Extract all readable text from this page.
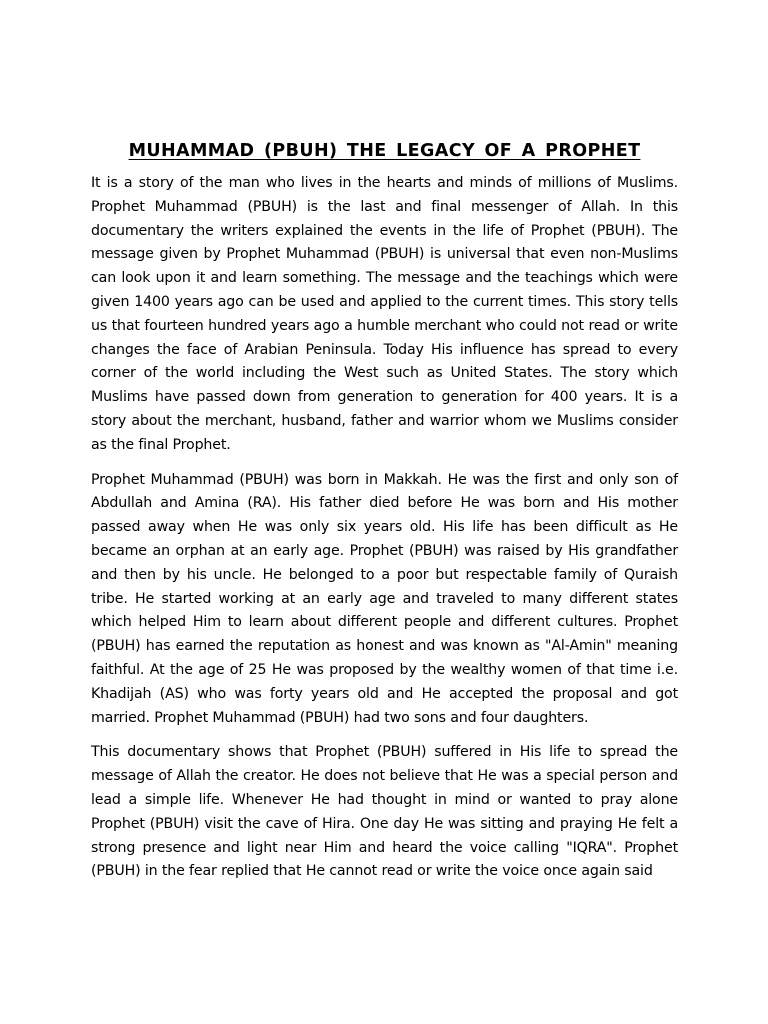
MUHAMMAD (PBUH) THE LEGACY OF A PROPHET

It is a story of the man who lives in the hearts and minds of millions of Muslims. Prophet Muhammad (PBUH) is the last and final messenger of Allah. In this documentary the writers explained the events in the life of Prophet (PBUH). The message given by Prophet Muhammad (PBUH) is universal that even non-Muslims can look upon it and learn something. The message and the teachings which were given 1400 years ago can be used and applied to the current times. This story tells us that fourteen hundred years ago a humble merchant who could not read or write changes the face of Arabian Peninsula. Today His influence has spread to every corner of the world including the West such as United States. The story which Muslims have passed down from generation to generation for 400 years. It is a story about the merchant, husband, father and warrior whom we Muslims consider as the final Prophet.

Prophet Muhammad (PBUH) was born in Makkah. He was the first and only son of Abdullah and Amina (RA). His father died before He was born and His mother passed away when He was only six years old. His life has been difficult as He became an orphan at an early age. Prophet (PBUH) was raised by His grandfather and then by his uncle. He belonged to a poor but respectable family of Quraish tribe. He started working at an early age and traveled to many different states which helped Him to learn about different people and different cultures. Prophet (PBUH) has earned the reputation as honest and was known as "Al-Amin" meaning faithful. At the age of 25 He was proposed by the wealthy women of that time i.e. Khadijah (AS) who was forty years old and He accepted the proposal and got married. Prophet Muhammad (PBUH) had two sons and four daughters.

This documentary shows that Prophet (PBUH) suffered in His life to spread the message of Allah the creator. He does not believe that He was a special person and lead a simple life. Whenever He had thought in mind or wanted to pray alone Prophet (PBUH) visit the cave of Hira. One day He was sitting and praying He felt a strong presence and light near Him and heard the voice calling "IQRA". Prophet (PBUH) in the fear replied that He cannot read or write the voice once again said
